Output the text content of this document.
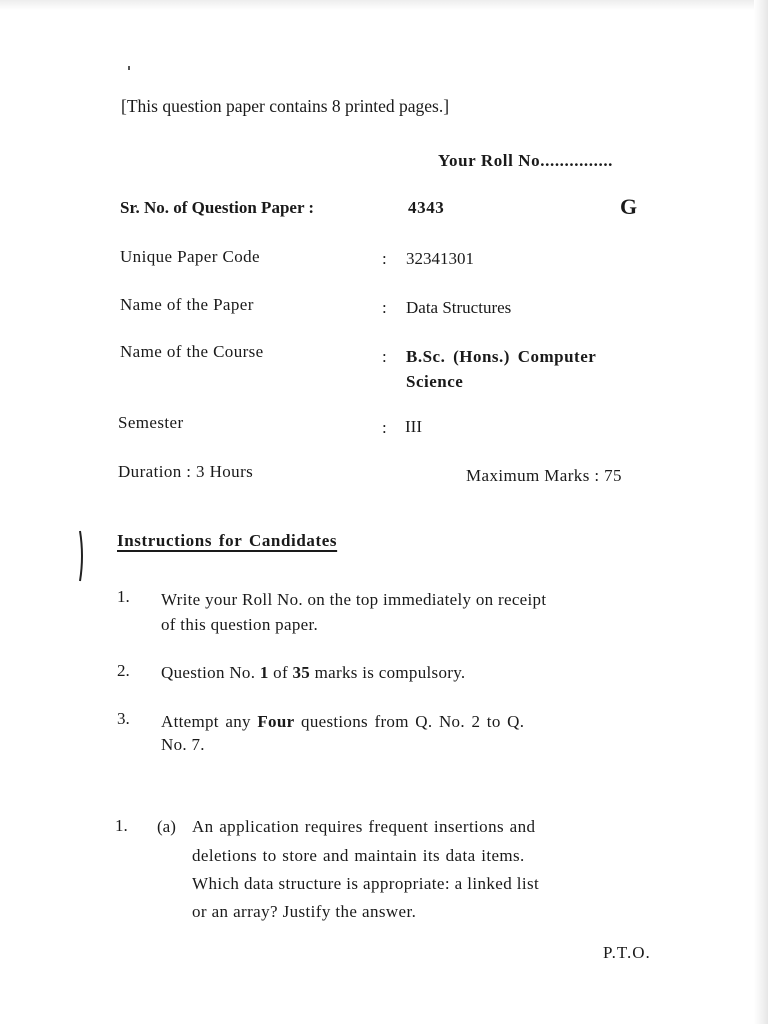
[This question paper contains 8 printed pages.]
Your Roll No...............
Sr. No. of Question Paper :	4343	G
Unique Paper Code	: 32341301
Name of the Paper	: Data Structures
Name of the Course	: B.Sc. (Hons.) Computer
Science
Semester	: III
Duration : 3 Hours	Maximum Marks : 75
Instructions for Candidates
1. Write your Roll No. on the top immediately on receipt
of this question paper.
2. Question No. 1 of 35 marks is compulsory.
3. Attempt any Four questions from Q. No. 2 to Q.
No. 7.
1. (a) An application requires frequent insertions and
deletions to store and maintain its data items.
Which data structure is appropriate: a linked list
or an array? Justify the answer.
P.T.O.
